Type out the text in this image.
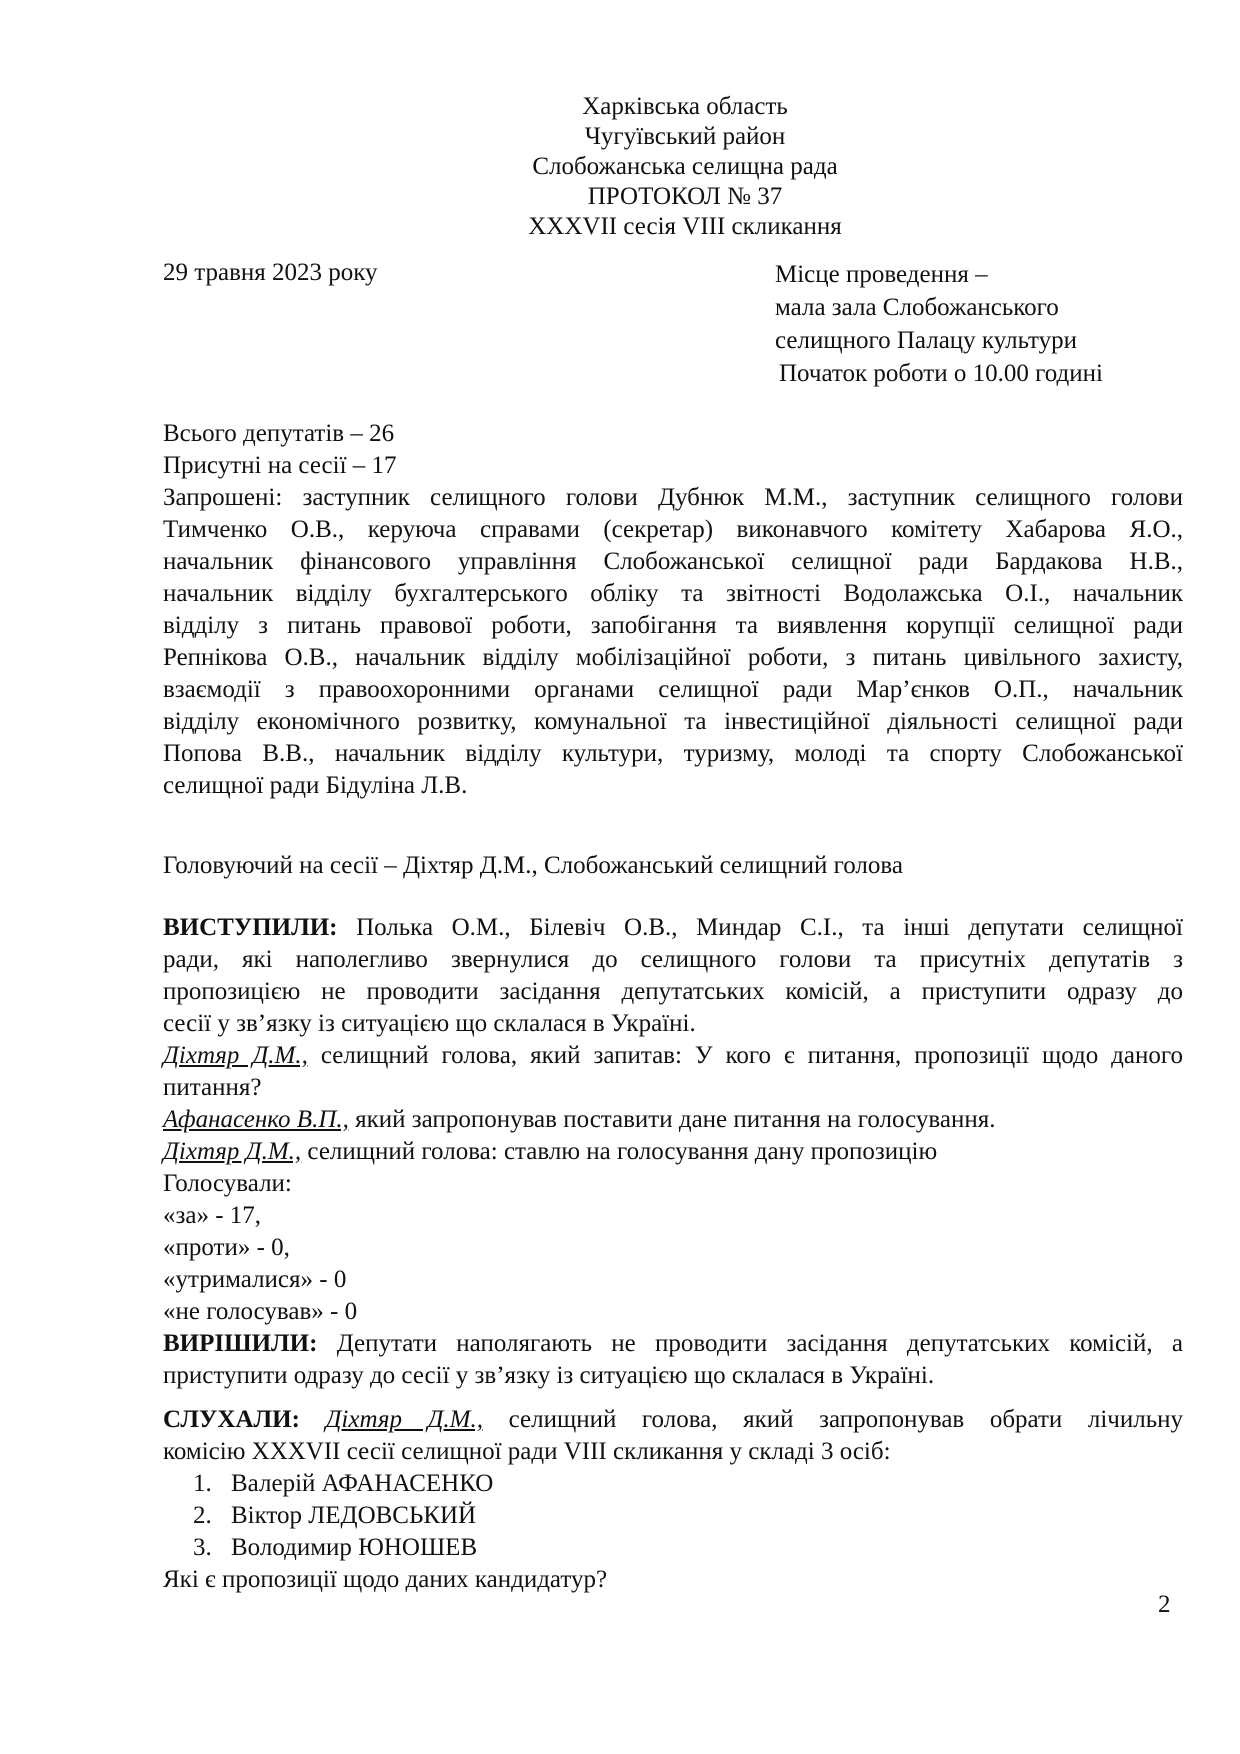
Харківська область
Чугуївський район
Слобожанська селищна рада
ПРОТОКОЛ № 37
XXXVII сесія VIII скликання
29 травня 2023 року	Місце проведення –
мала зала Слобожанського
селищного Палацу культури
Початок роботи о 10.00 годині
Всього депутатів – 26
Присутні на сесії – 17
Запрошені: заступник селищного голови Дубнюк М.М., заступник селищного голови
Тимченко О.В., керуюча справами (секретар) виконавчого комітету Хабарова Я.О.,
начальник фінансового управління Слобожанської селищної ради Бардакова Н.В.,
начальник відділу бухгалтерського обліку та звітності Водолажська О.І., начальник
відділу з питань правової роботи, запобігання та виявлення корупції селищної ради
Репнікова О.В., начальник відділу мобілізаційної роботи, з питань цивільного захисту,
взаємодії з правоохоронними органами селищної ради Мар’єнков О.П., начальник
відділу економічного розвитку, комунальної та інвестиційної діяльності селищної ради
Попова В.В., начальник відділу культури, туризму, молоді та спорту Слобожанської
селищної ради Бідуліна Л.В.
Головуючий на сесії – Діхтяр Д.М., Слобожанський селищний голова
ВИСТУПИЛИ: Полька О.М., Білевіч О.В., Миндар С.І., та інші депутати селищної
ради, які наполегливо звернулися до селищного голови та присутніх депутатів з
пропозицією не проводити засідання депутатських комісій, а приступити одразу до
сесії у зв’язку із ситуацією що склалася в Україні.
Діхтяр Д.М., селищний голова, який запитав: У кого є питання, пропозиції щодо даного
питання?
Афанасенко В.П., який запропонував поставити дане питання на голосування.
Діхтяр Д.М., селищний голова: ставлю на голосування дану пропозицію
Голосували:
«за» - 17,
«проти» - 0,
«утрималися» - 0
«не голосував» - 0
ВИРІШИЛИ: Депутати наполягають не проводити засідання депутатських комісій, а
приступити одразу до сесії у зв’язку із ситуацією що склалася в Україні.
СЛУХАЛИ: Діхтяр Д.М., селищний голова, який запропонував обрати лічильну
комісію XXXVII сесії селищної ради VIII скликання у складі 3 осіб:
1. Валерій АФАНАСЕНКО
2. Віктор ЛЕДОВСЬКИЙ
3. Володимир ЮНОШЕВ
Які є пропозиції щодо даних кандидатур?
2
